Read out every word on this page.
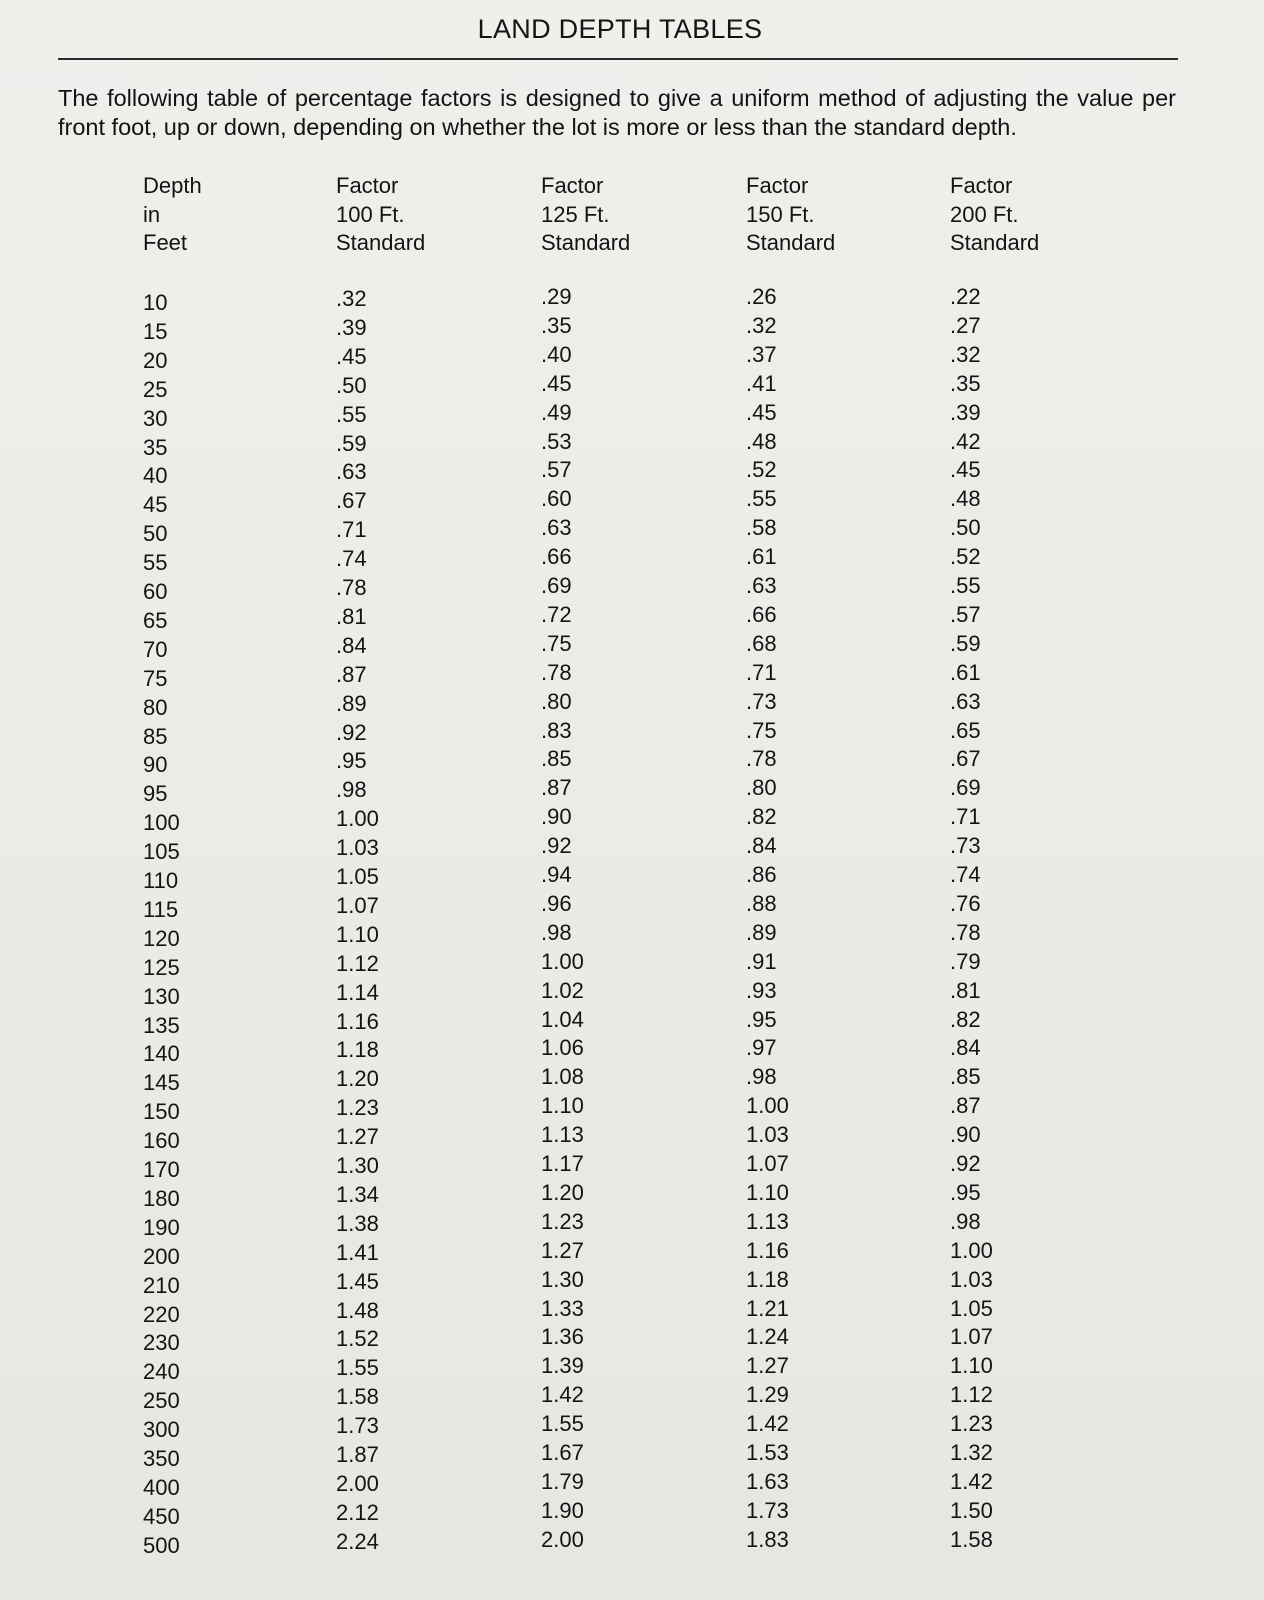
LAND DEPTH TABLES
The following table of percentage factors is designed to give a uniform method of adjusting the value per front foot, up or down, depending on whether the lot is more or less than the standard depth.
Depth
in
Feet
Factor
100 Ft.
Standard
Factor
125 Ft.
Standard
Factor
150 Ft.
Standard
Factor
200 Ft.
Standard
10
15
20
25
30
35
40
45
50
55
60
65
70
75
80
85
90
95
100
105
110
115
120
125
130
135
140
145
150
160
170
180
190
200
210
220
230
240
250
300
350
400
450
500
.32
.39
.45
.50
.55
.59
.63
.67
.71
.74
.78
.81
.84
.87
.89
.92
.95
.98
1.00
1.03
1.05
1.07
1.10
1.12
1.14
1.16
1.18
1.20
1.23
1.27
1.30
1.34
1.38
1.41
1.45
1.48
1.52
1.55
1.58
1.73
1.87
2.00
2.12
2.24
.29
.35
.40
.45
.49
.53
.57
.60
.63
.66
.69
.72
.75
.78
.80
.83
.85
.87
.90
.92
.94
.96
.98
1.00
1.02
1.04
1.06
1.08
1.10
1.13
1.17
1.20
1.23
1.27
1.30
1.33
1.36
1.39
1.42
1.55
1.67
1.79
1.90
2.00
.26
.32
.37
.41
.45
.48
.52
.55
.58
.61
.63
.66
.68
.71
.73
.75
.78
.80
.82
.84
.86
.88
.89
.91
.93
.95
.97
.98
1.00
1.03
1.07
1.10
1.13
1.16
1.18
1.21
1.24
1.27
1.29
1.42
1.53
1.63
1.73
1.83
.22
.27
.32
.35
.39
.42
.45
.48
.50
.52
.55
.57
.59
.61
.63
.65
.67
.69
.71
.73
.74
.76
.78
.79
.81
.82
.84
.85
.87
.90
.92
.95
.98
1.00
1.03
1.05
1.07
1.10
1.12
1.23
1.32
1.42
1.50
1.58
